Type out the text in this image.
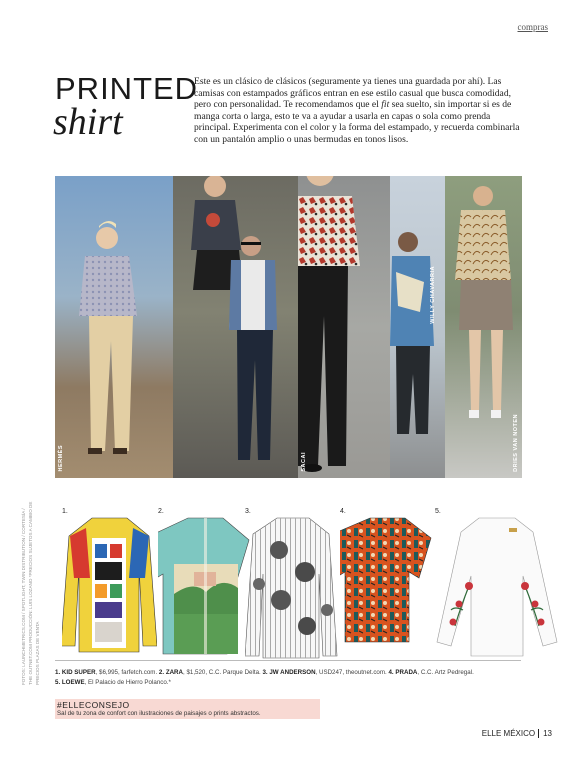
compras
PRINTED
shirt

Este es un clásico de clásicos (seguramente ya tienes una guardada por ahí). Las camisas con estampados gráficos entran en ese estilo casual que busca comodidad, pero con personalidad. Te recomendamos que el fit sea suelto, sin importar si es de manga corta o larga, esto te va a ayudar a usarla en capas o sola como prenda principal. Experimenta con el color y la forma del estampado, y recuerda combinarla con un pantalón amplio o unas bermudas en tonos lisos.

HERMÈS	SACAI
WILLY CHAVARRIA
DRIES VAN NOTEN
1.	2.	3.	4.	5.

1. KID SUPER, $6,995, farfetch.com. 2. ZARA, $1,520, C.C. Parque Delta. 3. JW ANDERSON, USD247, theoutnet.com. 4. PRADA, C.C. Artz Pedregal.
5. LOEWE, El Palacio de Hierro Polanco.*

#ELLECONSEJO
Sal de tu zona de confort con ilustraciones de paisajes o prints abstractos.
FOTOS: LAUNCHMETRICS.COM / SPOTLIGHT, TWIN DISTRIBUTION / CORTESÍA / THE OUTNET.COM PRODUCCIÓN: LUIS LOZANO *PRECIOS SUJETOS A CAMBIO DE PRECIOS PLAZAS DE VENTA
ELLE MÉXICO 13
